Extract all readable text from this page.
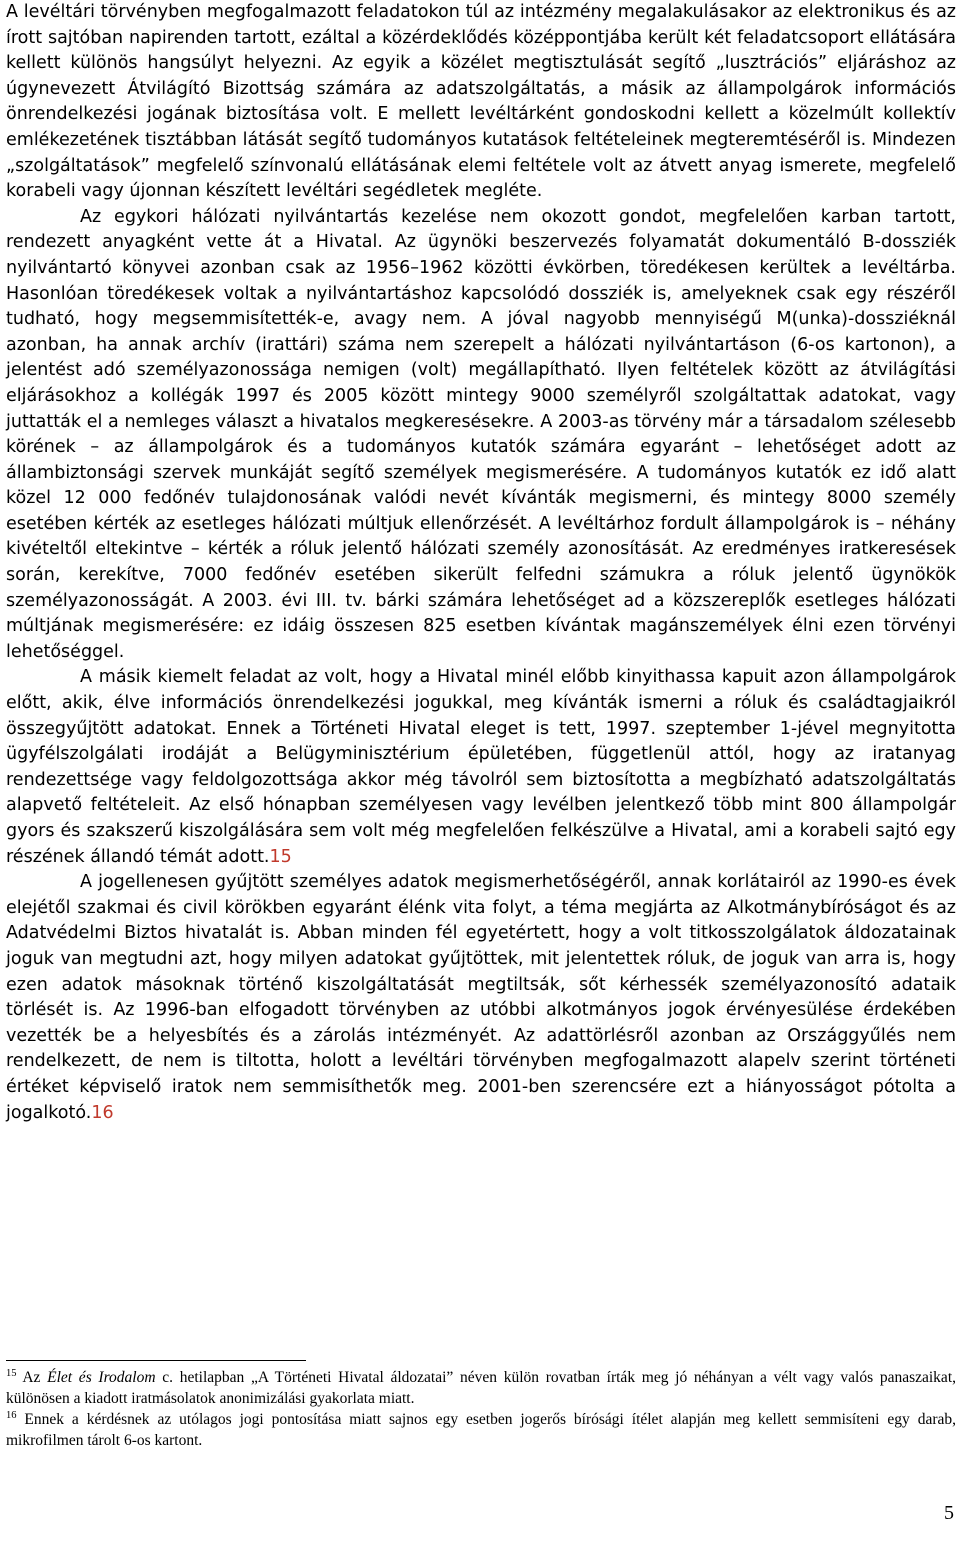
A levéltári törvényben megfogalmazott feladatokon túl az intézmény megalakulásakor az elektronikus és az írott sajtóban napirenden tartott, ezáltal a közérdeklődés középpontjába került két feladatcsoport ellátására kellett különös hangsúlyt helyezni. Az egyik a közélet megtisztulását segítő „lusztrációs” eljáráshoz az úgynevezett Átvilágító Bizottság számára az adatszolgáltatás, a másik az állampolgárok információs önrendelkezési jogának biztosítása volt. E mellett levéltárként gondoskodni kellett a közelmúlt kollektív emlékezetének tisztábban látását segítő tudományos kutatások feltételeinek megteremtéséről is. Mindezen „szolgáltatások” megfelelő színvonalú ellátásának elemi feltétele volt az átvett anyag ismerete, megfelelő korabeli vagy újonnan készített levéltári segédletek megléte.

Az egykori hálózati nyilvántartás kezelése nem okozott gondot, megfelelően karban tartott, rendezett anyagként vette át a Hivatal. Az ügynöki beszervezés folyamatát dokumentáló B-dossziék nyilvántartó könyvei azonban csak az 1956–1962 közötti évkörben, töredékesen kerültek a levéltárba. Hasonlóan töredékesek voltak a nyilvántartáshoz kapcsolódó dossziék is, amelyeknek csak egy részéről tudható, hogy megsemmisítették-e, avagy nem. A jóval nagyobb mennyiségű M(unka)-dossziéknál azonban, ha annak archív (irattári) száma nem szerepelt a hálózati nyilvántartáson (6-os kartonon), a jelentést adó személyazonossága nemigen (volt) megállapítható. Ilyen feltételek között az átvilágítási eljárásokhoz a kollégák 1997 és 2005 között mintegy 9000 személyről szolgáltattak adatokat, vagy juttatták el a nemleges választ a hivatalos megkeresésekre. A 2003-as törvény már a társadalom szélesebb körének – az állampolgárok és a tudományos kutatók számára egyaránt – lehetőséget adott az állambiztonsági szervek munkáját segítő személyek megismerésére. A tudományos kutatók ez idő alatt közel 12 000 fedőnév tulajdonosának valódi nevét kívánták megismerni, és mintegy 8000 személy esetében kérték az esetleges hálózati múltjuk ellenőrzését. A levéltárhoz fordult állampolgárok is – néhány kivételtől eltekintve – kérték a róluk jelentő hálózati személy azonosítását. Az eredményes iratkeresések során, kerekítve, 7000 fedőnév esetében sikerült felfedni számukra a róluk jelentő ügynökök személyazonosságát. A 2003. évi III. tv. bárki számára lehetőséget ad a közszereplők esetleges hálózati múltjának megismerésére: ez idáig összesen 825 esetben kívántak magánszemélyek élni ezen törvényi lehetőséggel.

A másik kiemelt feladat az volt, hogy a Hivatal minél előbb kinyithassa kapuit azon állampolgárok előtt, akik, élve információs önrendelkezési jogukkal, meg kívánták ismerni a róluk és családtagjaikról összegyűjtött adatokat. Ennek a Történeti Hivatal eleget is tett, 1997. szeptember 1-jével megnyitotta ügyfélszolgálati irodáját a Belügyminisztérium épületében, függetlenül attól, hogy az iratanyag rendezettsége vagy feldolgozottsága akkor még távolról sem biztosította a megbízható adatszolgáltatás alapvető feltételeit. Az első hónapban személyesen vagy levélben jelentkező több mint 800 állampolgár gyors és szakszerű kiszolgálására sem volt még megfelelően felkészülve a Hivatal, ami a korabeli sajtó egy részének állandó témát adott.15

A jogellenesen gyűjtött személyes adatok megismerhetőségéről, annak korlátairól az 1990-es évek elejétől szakmai és civil körökben egyaránt élénk vita folyt, a téma megjárta az Alkotmánybíróságot és az Adatvédelmi Biztos hivatalát is. Abban minden fél egyetértett, hogy a volt titkosszolgálatok áldozatainak joguk van megtudni azt, hogy milyen adatokat gyűjtöttek, mit jelentettek róluk, de joguk van arra is, hogy ezen adatok másoknak történő kiszolgáltatását megtiltsák, sőt kérhessék személyazonosító adataik törlését is. Az 1996-ban elfogadott törvényben az utóbbi alkotmányos jogok érvényesülése érdekében vezették be a helyesbítés és a zárolás intézményét. Az adattörlésről azonban az Országgyűlés nem rendelkezett, de nem is tiltotta, holott a levéltári törvényben megfogalmazott alapelv szerint történeti értéket képviselő iratok nem semmisíthetők meg. 2001-ben szerencsére ezt a hiányosságot pótolta a jogalkotó.16

$^{15}$ Az Élet és Irodalom c. hetilapban „A Történeti Hivatal áldozatai” néven külön rovatban írták meg jó néhányan a vélt vagy valós panaszaikat, különösen a kiadott iratmásolatok anonimizálási gyakorlata miatt.

$^{16}$ Ennek a kérdésnek az utólagos jogi pontosítása miatt sajnos egy esetben jogerős bírósági ítélet alapján meg kellett semmisíteni egy darab, mikrofilmen tárolt 6-os kartont.

5
